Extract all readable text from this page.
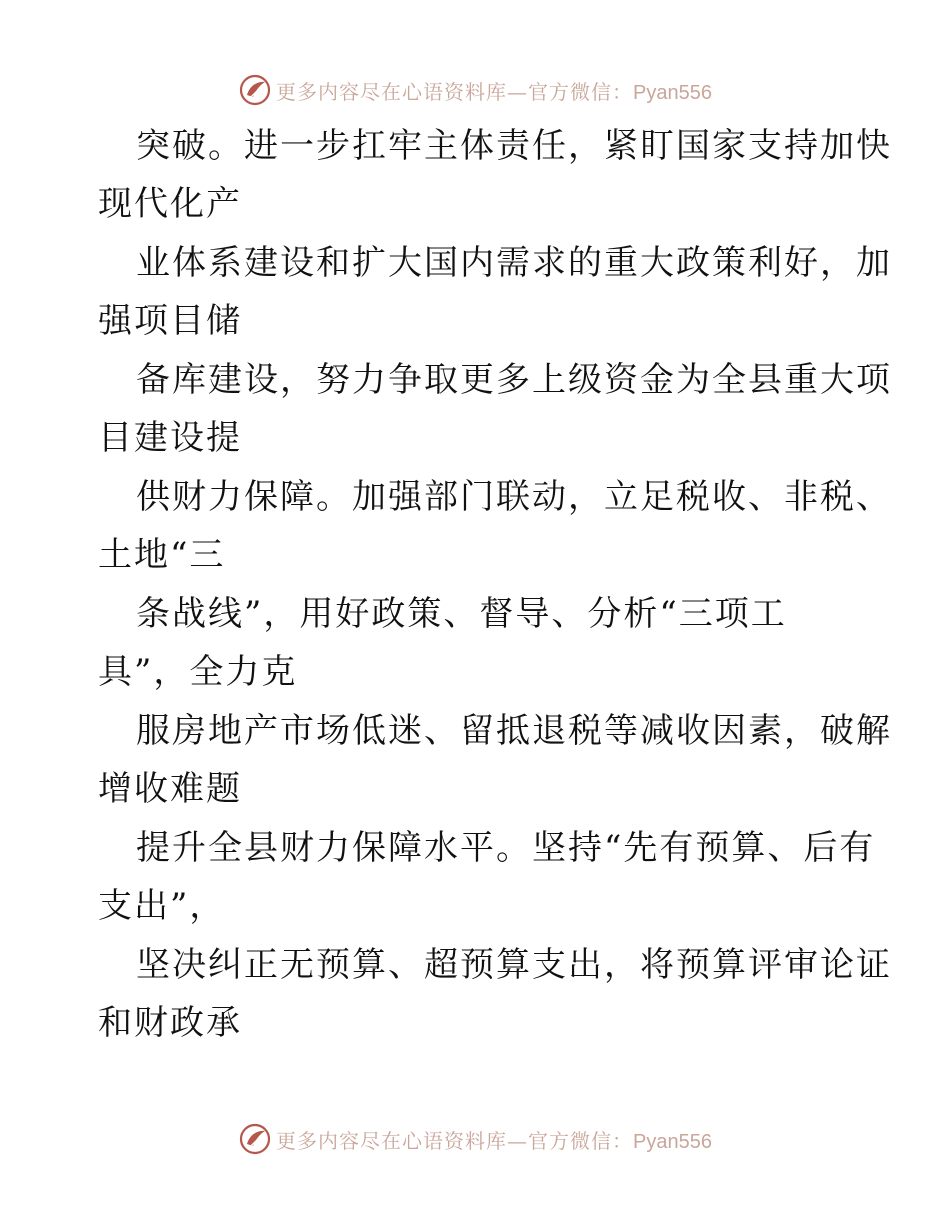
更多内容尽在心语资料库—官方微信：Pyan556
突破。进一步扛牢主体责任，紧盯国家支持加快
现代化产
业体系建设和扩大国内需求的重大政策利好，加
强项目储
备库建设，努力争取更多上级资金为全县重大项
目建设提
供财力保障。加强部门联动，立足税收、非税、
土地“三
条战线”，用好政策、督导、分析“三项工
具”，全力克
服房地产市场低迷、留抵退税等减收因素，破解
增收难题
提升全县财力保障水平。坚持“先有预算、后有
支出”，
坚决纠正无预算、超预算支出，将预算评审论证
和财政承
更多内容尽在心语资料库—官方微信：Pyan556
